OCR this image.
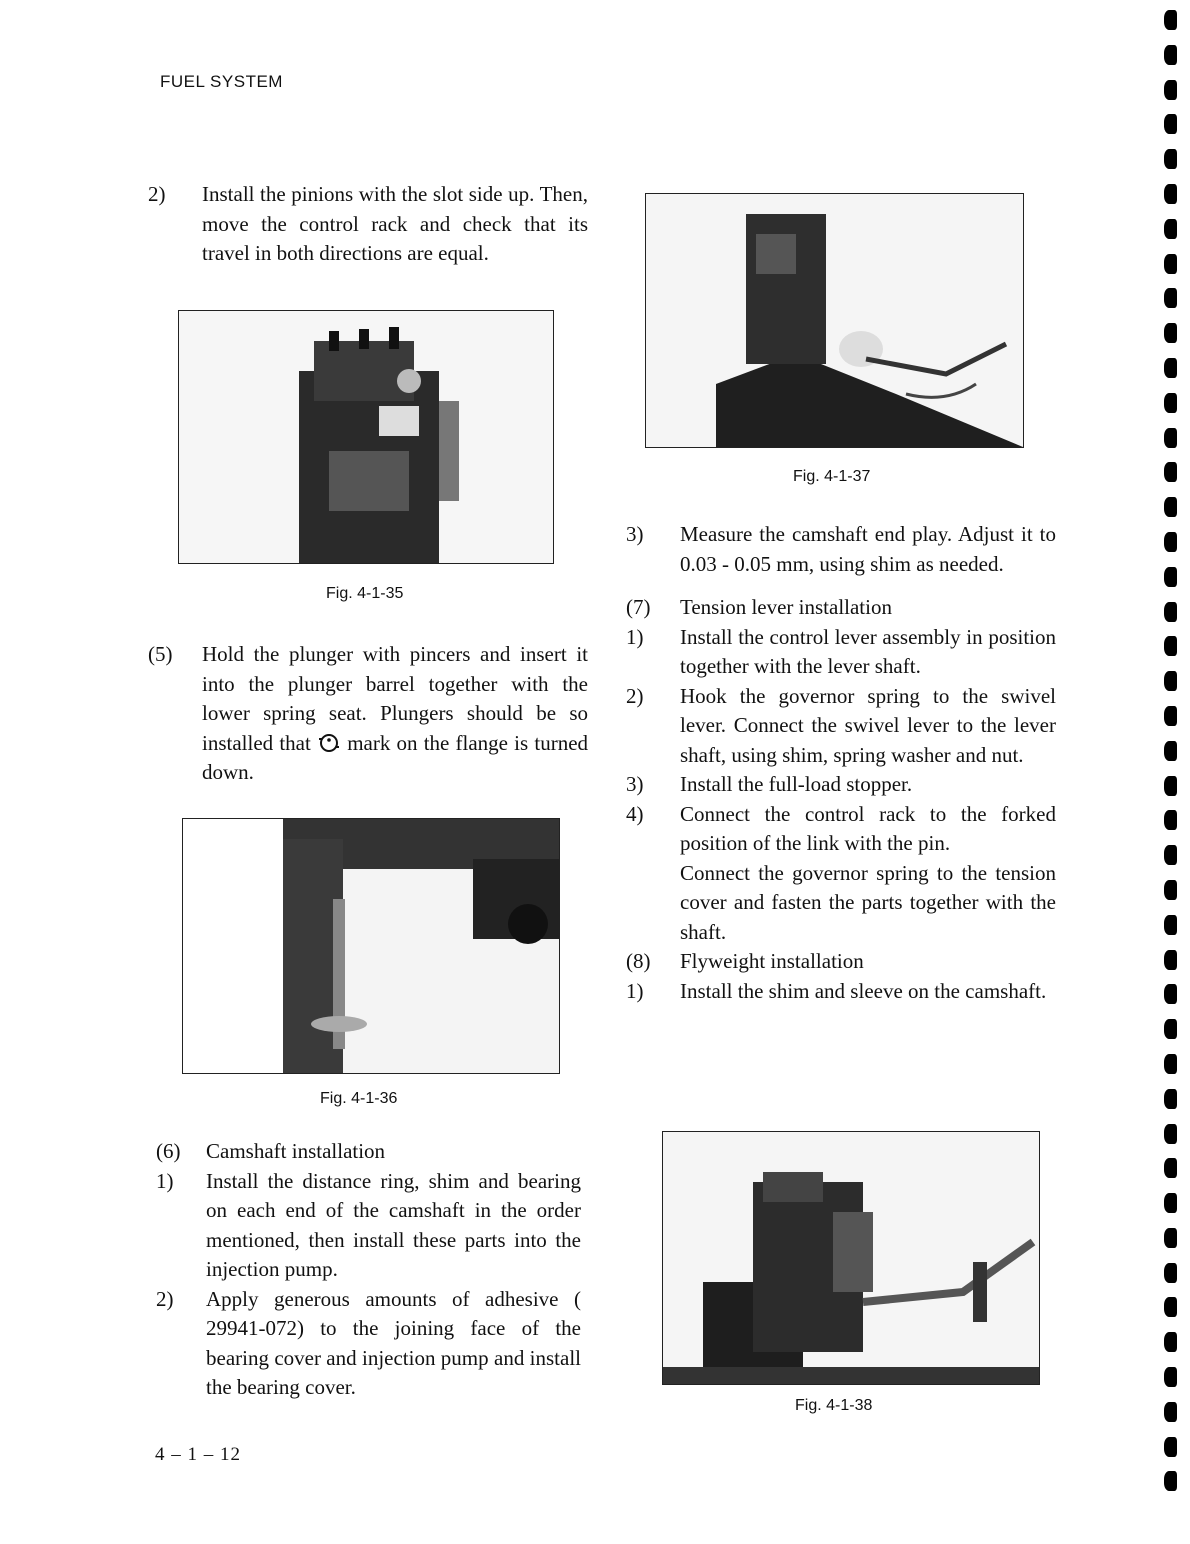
FUEL SYSTEM
2)	Install the pinions with the slot side up. Then, move the control rack and check that its travel in both directions are equal.
Fig. 4-1-35
(5)	Hold the plunger with pincers and insert it into the plunger barrel together with the lower spring seat. Plungers should be so installed that mark on the flange is turned down.
Fig. 4-1-36
(6)	Camshaft installation
1)	Install the distance ring, shim and bearing on each end of the camshaft in the order mentioned, then install these parts into the injection pump.
2)	Apply generous amounts of adhesive ( 29941-072) to the joining face of the bearing cover and injection pump and install the bearing cover.
4 – 1 – 12
Fig. 4-1-37
3)	Measure the camshaft end play. Adjust it to 0.03 - 0.05 mm, using shim as needed.
(7)	Tension lever installation
1)	Install the control lever assembly in position together with the lever shaft.
2)	Hook the governor spring to the swivel lever. Connect the swivel lever to the lever shaft, using shim, spring washer and nut.
3)	Install the full-load stopper.
4)	Connect the control rack to the forked position of the link with the pin.
Connect the governor spring to the tension cover and fasten the parts together with the shaft.
(8)	Flyweight installation
1)	Install the shim and sleeve on the camshaft.
Fig. 4-1-38
